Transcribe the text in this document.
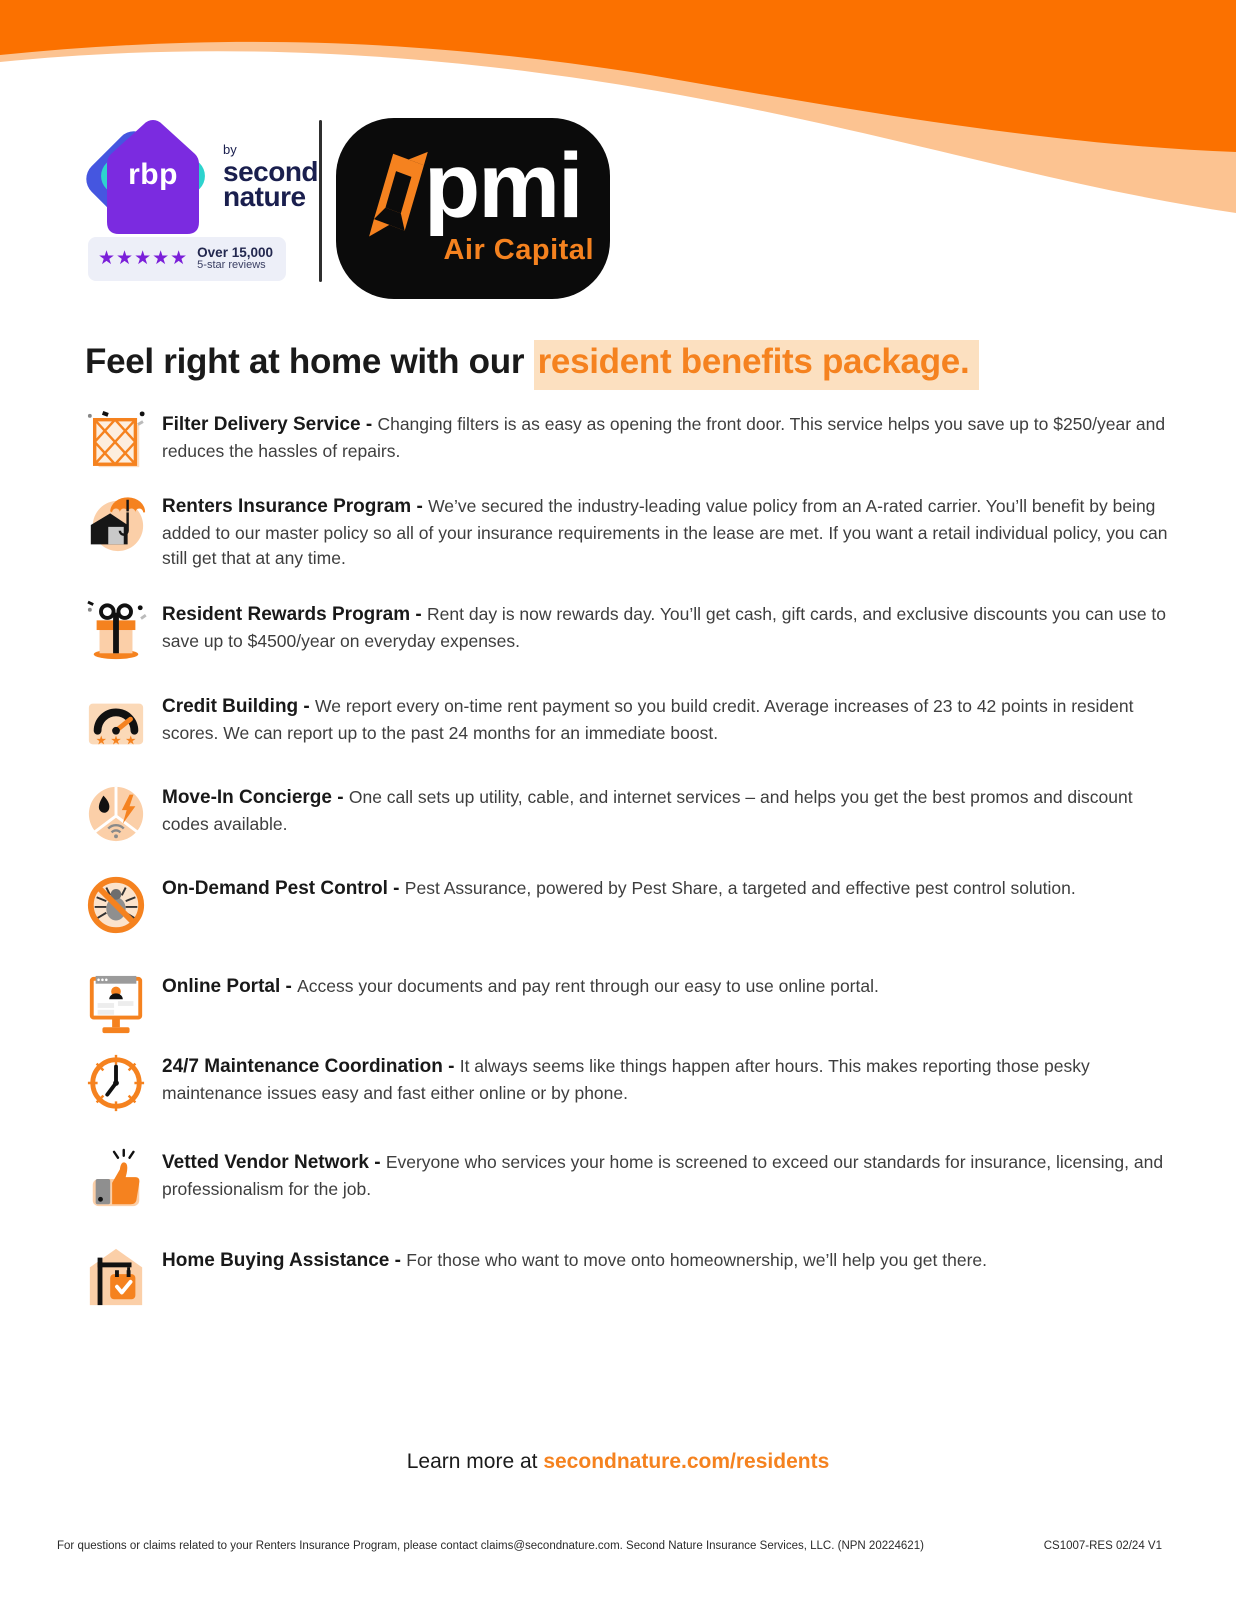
rbp
$^{by}$second
nature
★★★★★ Over 15,000
5-star reviews
pmi
Air Capital
Feel right at home with our resident benefits package.
Filter Delivery Service - Changing filters is as easy as opening the front door. This service helps you save up to $250/year and reduces the hassles of repairs.
Renters Insurance Program - We’ve secured the industry-leading value policy from an A-rated carrier. You’ll benefit by being added to our master policy so all of your insurance requirements in the lease are met. If you want a retail individual policy, you can still get that at any time.
Resident Rewards Program - Rent day is now rewards day. You’ll get cash, gift cards, and exclusive discounts you can use to save up to $4500/year on everyday expenses.
★ ★ ★
Credit Building - We report every on-time rent payment so you build credit. Average increases of 23 to 42 points in resident scores. We can report up to the past 24 months for an immediate boost.
Move-In Concierge - One call sets up utility, cable, and internet services – and helps you get the best promos and discount codes available.
On-Demand Pest Control - Pest Assurance, powered by Pest Share, a targeted and effective pest control solution.
Online Portal - Access your documents and pay rent through our easy to use online portal.
24/7 Maintenance Coordination - It always seems like things happen after hours. This makes reporting those pesky maintenance issues easy and fast either online or by phone.
Vetted Vendor Network - Everyone who services your home is screened to exceed our standards for insurance, licensing, and professionalism for the job.
Home Buying Assistance - For those who want to move onto homeownership, we’ll help you get there.
Learn more at secondnature.com/residents
For questions or claims related to your Renters Insurance Program, please contact claims@secondnature.com. Second Nature Insurance Services, LLC. (NPN 20224621)	CS1007-RES 02/24 V1
